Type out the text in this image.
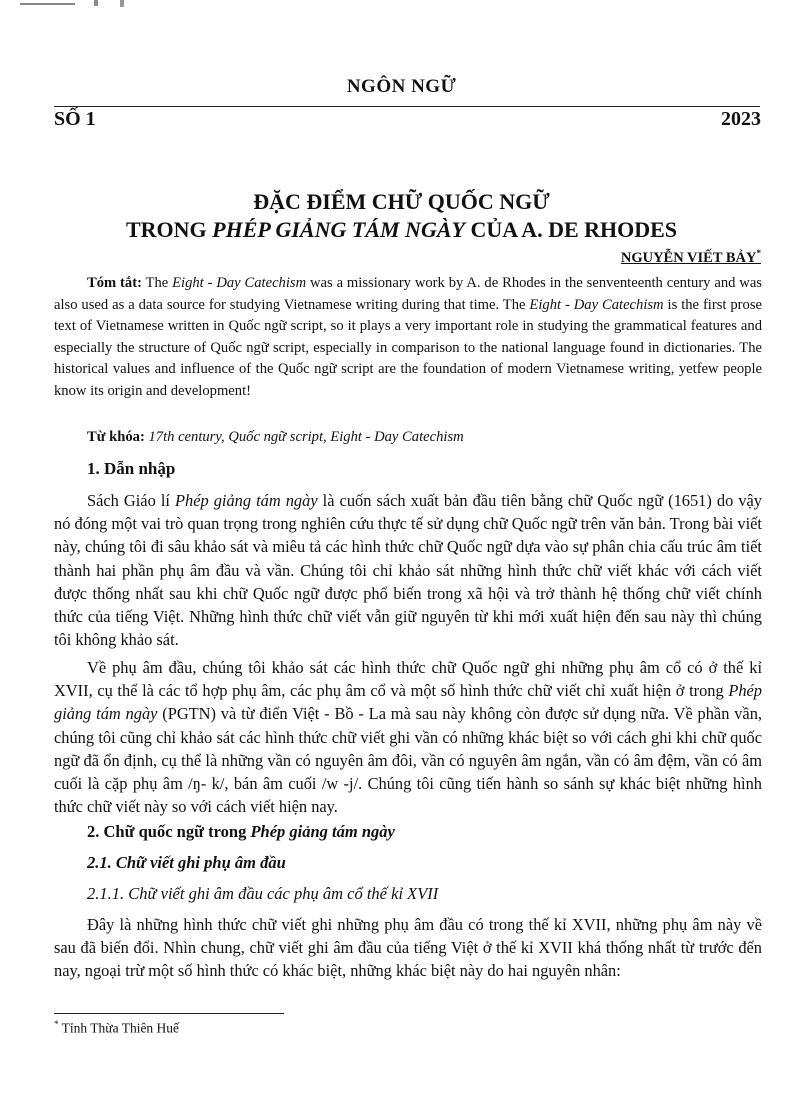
NGÔN NGỮ
SỐ 1	2023
ĐẶC ĐIỂM CHỮ QUỐC NGỮ
TRONG PHÉP GIẢNG TÁM NGÀY CỦA A. DE RHODES
NGUYỄN VIẾT BẢY*
Tóm tắt: The Eight - Day Catechism was a missionary work by A. de Rhodes in the senventeenth century and was also used as a data source for studying Vietnamese writing during that time. The Eight - Day Catechism is the first prose text of Vietnamese written in Quốc ngữ script, so it plays a very important role in studying the grammatical features and especially the structure of Quốc ngữ script, especially in comparison to the national language found in dictionaries. The historical values and influence of the Quốc ngữ script are the foundation of modern Vietnamese writing, yetfew people know its origin and development!
Từ khóa: 17th century, Quốc ngữ script, Eight - Day Catechism
1. Dẫn nhập
Sách Giáo lí Phép giảng tám ngày là cuốn sách xuất bản đầu tiên bằng chữ Quốc ngữ (1651) do vậy nó đóng một vai trò quan trọng trong nghiên cứu thực tế sử dụng chữ Quốc ngữ trên văn bản. Trong bài viết này, chúng tôi đi sâu khảo sát và miêu tả các hình thức chữ Quốc ngữ dựa vào sự phân chia cấu trúc âm tiết thành hai phần phụ âm đầu và vần. Chúng tôi chỉ khảo sát những hình thức chữ viết khác với cách viết được thống nhất sau khi chữ Quốc ngữ được phổ biến trong xã hội và trở thành hệ thống chữ viết chính thức của tiếng Việt. Những hình thức chữ viết vẫn giữ nguyên từ khi mới xuất hiện đến sau này thì chúng tôi không khảo sát.
Về phụ âm đầu, chúng tôi khảo sát các hình thức chữ Quốc ngữ ghi những phụ âm cổ có ở thế kỉ XVII, cụ thể là các tổ hợp phụ âm, các phụ âm cổ và một số hình thức chữ viết chỉ xuất hiện ở trong Phép giảng tám ngày (PGTN) và từ điển Việt - Bồ - La mà sau này không còn được sử dụng nữa. Về phần vần, chúng tôi cũng chỉ khảo sát các hình thức chữ viết ghi vần có những khác biệt so với cách ghi khi chữ quốc ngữ đã ổn định, cụ thể là những vần có nguyên âm đôi, vần có nguyên âm ngắn, vần có âm đệm, vần có âm cuối là cặp phụ âm /ŋ- k/, bán âm cuối /w -j/. Chúng tôi cũng tiến hành so sánh sự khác biệt những hình thức chữ viết này so với cách viết hiện nay.
2. Chữ quốc ngữ trong Phép giảng tám ngày
2.1. Chữ viết ghi phụ âm đầu
2.1.1. Chữ viết ghi âm đầu các phụ âm cổ thế kỉ XVII
Đây là những hình thức chữ viết ghi những phụ âm đầu có trong thế kỉ XVII, những phụ âm này về sau đã biến đổi. Nhìn chung, chữ viết ghi âm đầu của tiếng Việt ở thế kỉ XVII khá thống nhất từ trước đến nay, ngoại trừ một số hình thức có khác biệt, những khác biệt này do hai nguyên nhân:
* Tỉnh Thừa Thiên Huế
